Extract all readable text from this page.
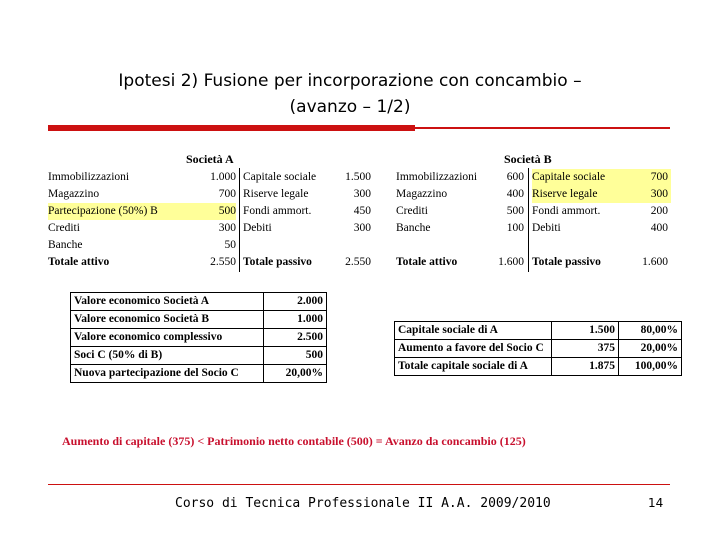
Ipotesi 2) Fusione per incorporazione con concambio –
(avanzo – 1/2)
Società A
Immobilizzazioni	1.000 Capitale sociale	1.500
Magazzino	700 Riserve legale	300
Partecipazione (50%) B	500 Fondi ammort.	450
Crediti	300 Debiti	300
Banche	50
Totale attivo	2.550 Totale passivo	2.550
Società B
Immobilizzazioni	600 Capitale sociale	700
Magazzino	400 Riserve legale	300
Crediti	500 Fondi ammort.	200
Banche	100 Debiti	400
Totale attivo	1.600 Totale passivo	1.600
Valore economico Società A	2.000
Valore economico Società B	1.000
Valore economico complessivo	2.500
Soci C (50% di B)	500
Nuova partecipazione del Socio C	20,00%
Capitale sociale di A	1.500	80,00%
Aumento a favore del Socio C	375	20,00%
Totale capitale sociale di A	1.875	100,00%
Aumento di capitale (375) < Patrimonio netto contabile (500) = Avanzo da concambio (125)
Corso di Tecnica Professionale II A.A. 2009/2010	14
